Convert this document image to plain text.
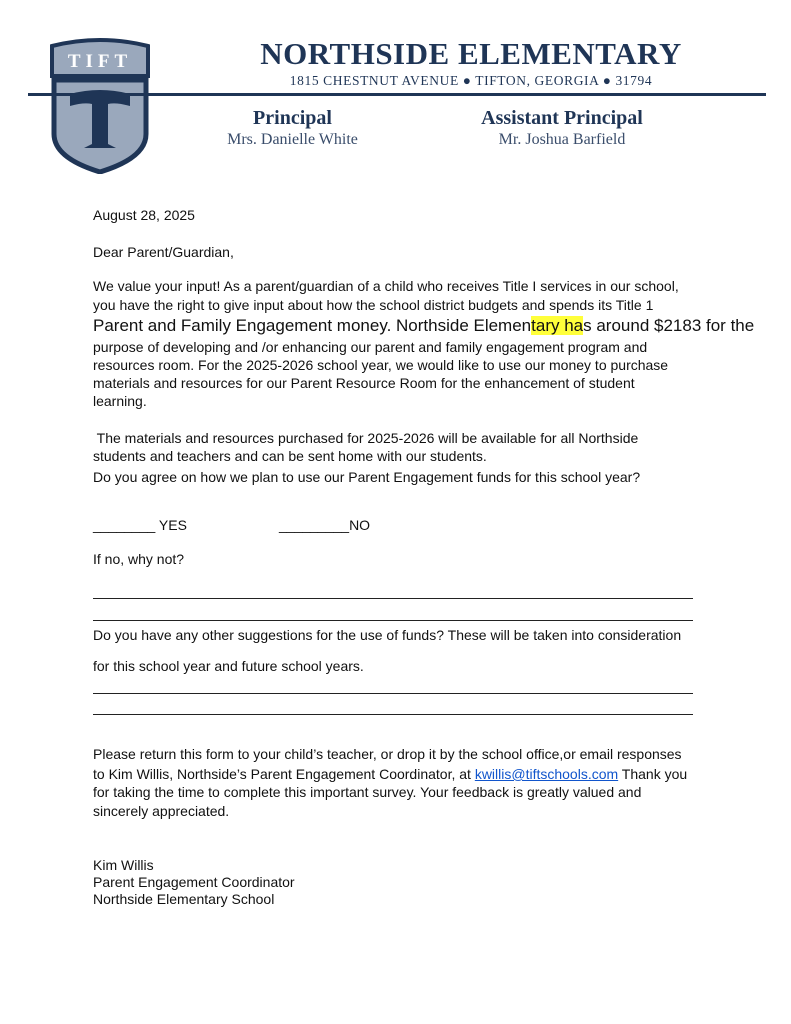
TIFT	NORTHSIDE ELEMENTARY
1815 CHESTNUT AVENUE ● TIFTON, GEORGIA ● 31794
Principal
Mrs. Danielle White
Assistant Principal
Mr. Joshua Barfield
August 28, 2025
Dear Parent/Guardian,
We value your input! As a parent/guardian of a child who receives Title I services in our school,
you have the right to give input about how the school district budgets and spends its Title 1
Parent and Family Engagement money. Northside Elementary has around $2183 for the
purpose of developing and /or enhancing our parent and family engagement program and
resources room. For the 2025-2026 school year, we would like to use our money to purchase
materials and resources for our Parent Resource Room for the enhancement of student
learning.
The materials and resources purchased for 2025-2026 will be available for all Northside
students and teachers and can be sent home with our students.
Do you agree on how we plan to use our Parent Engagement funds for this school year?
________ YES	_________NO
If no, why not?
Do you have any other suggestions for the use of funds? These will be taken into consideration
for this school year and future school years.
Please return this form to your child’s teacher, or drop it by the school office,or email responses
to Kim Willis, Northside’s Parent Engagement Coordinator, at kwillis@tiftschools.com Thank you
for taking the time to complete this important survey. Your feedback is greatly valued and
sincerely appreciated.
Kim Willis
Parent Engagement Coordinator
Northside Elementary School
